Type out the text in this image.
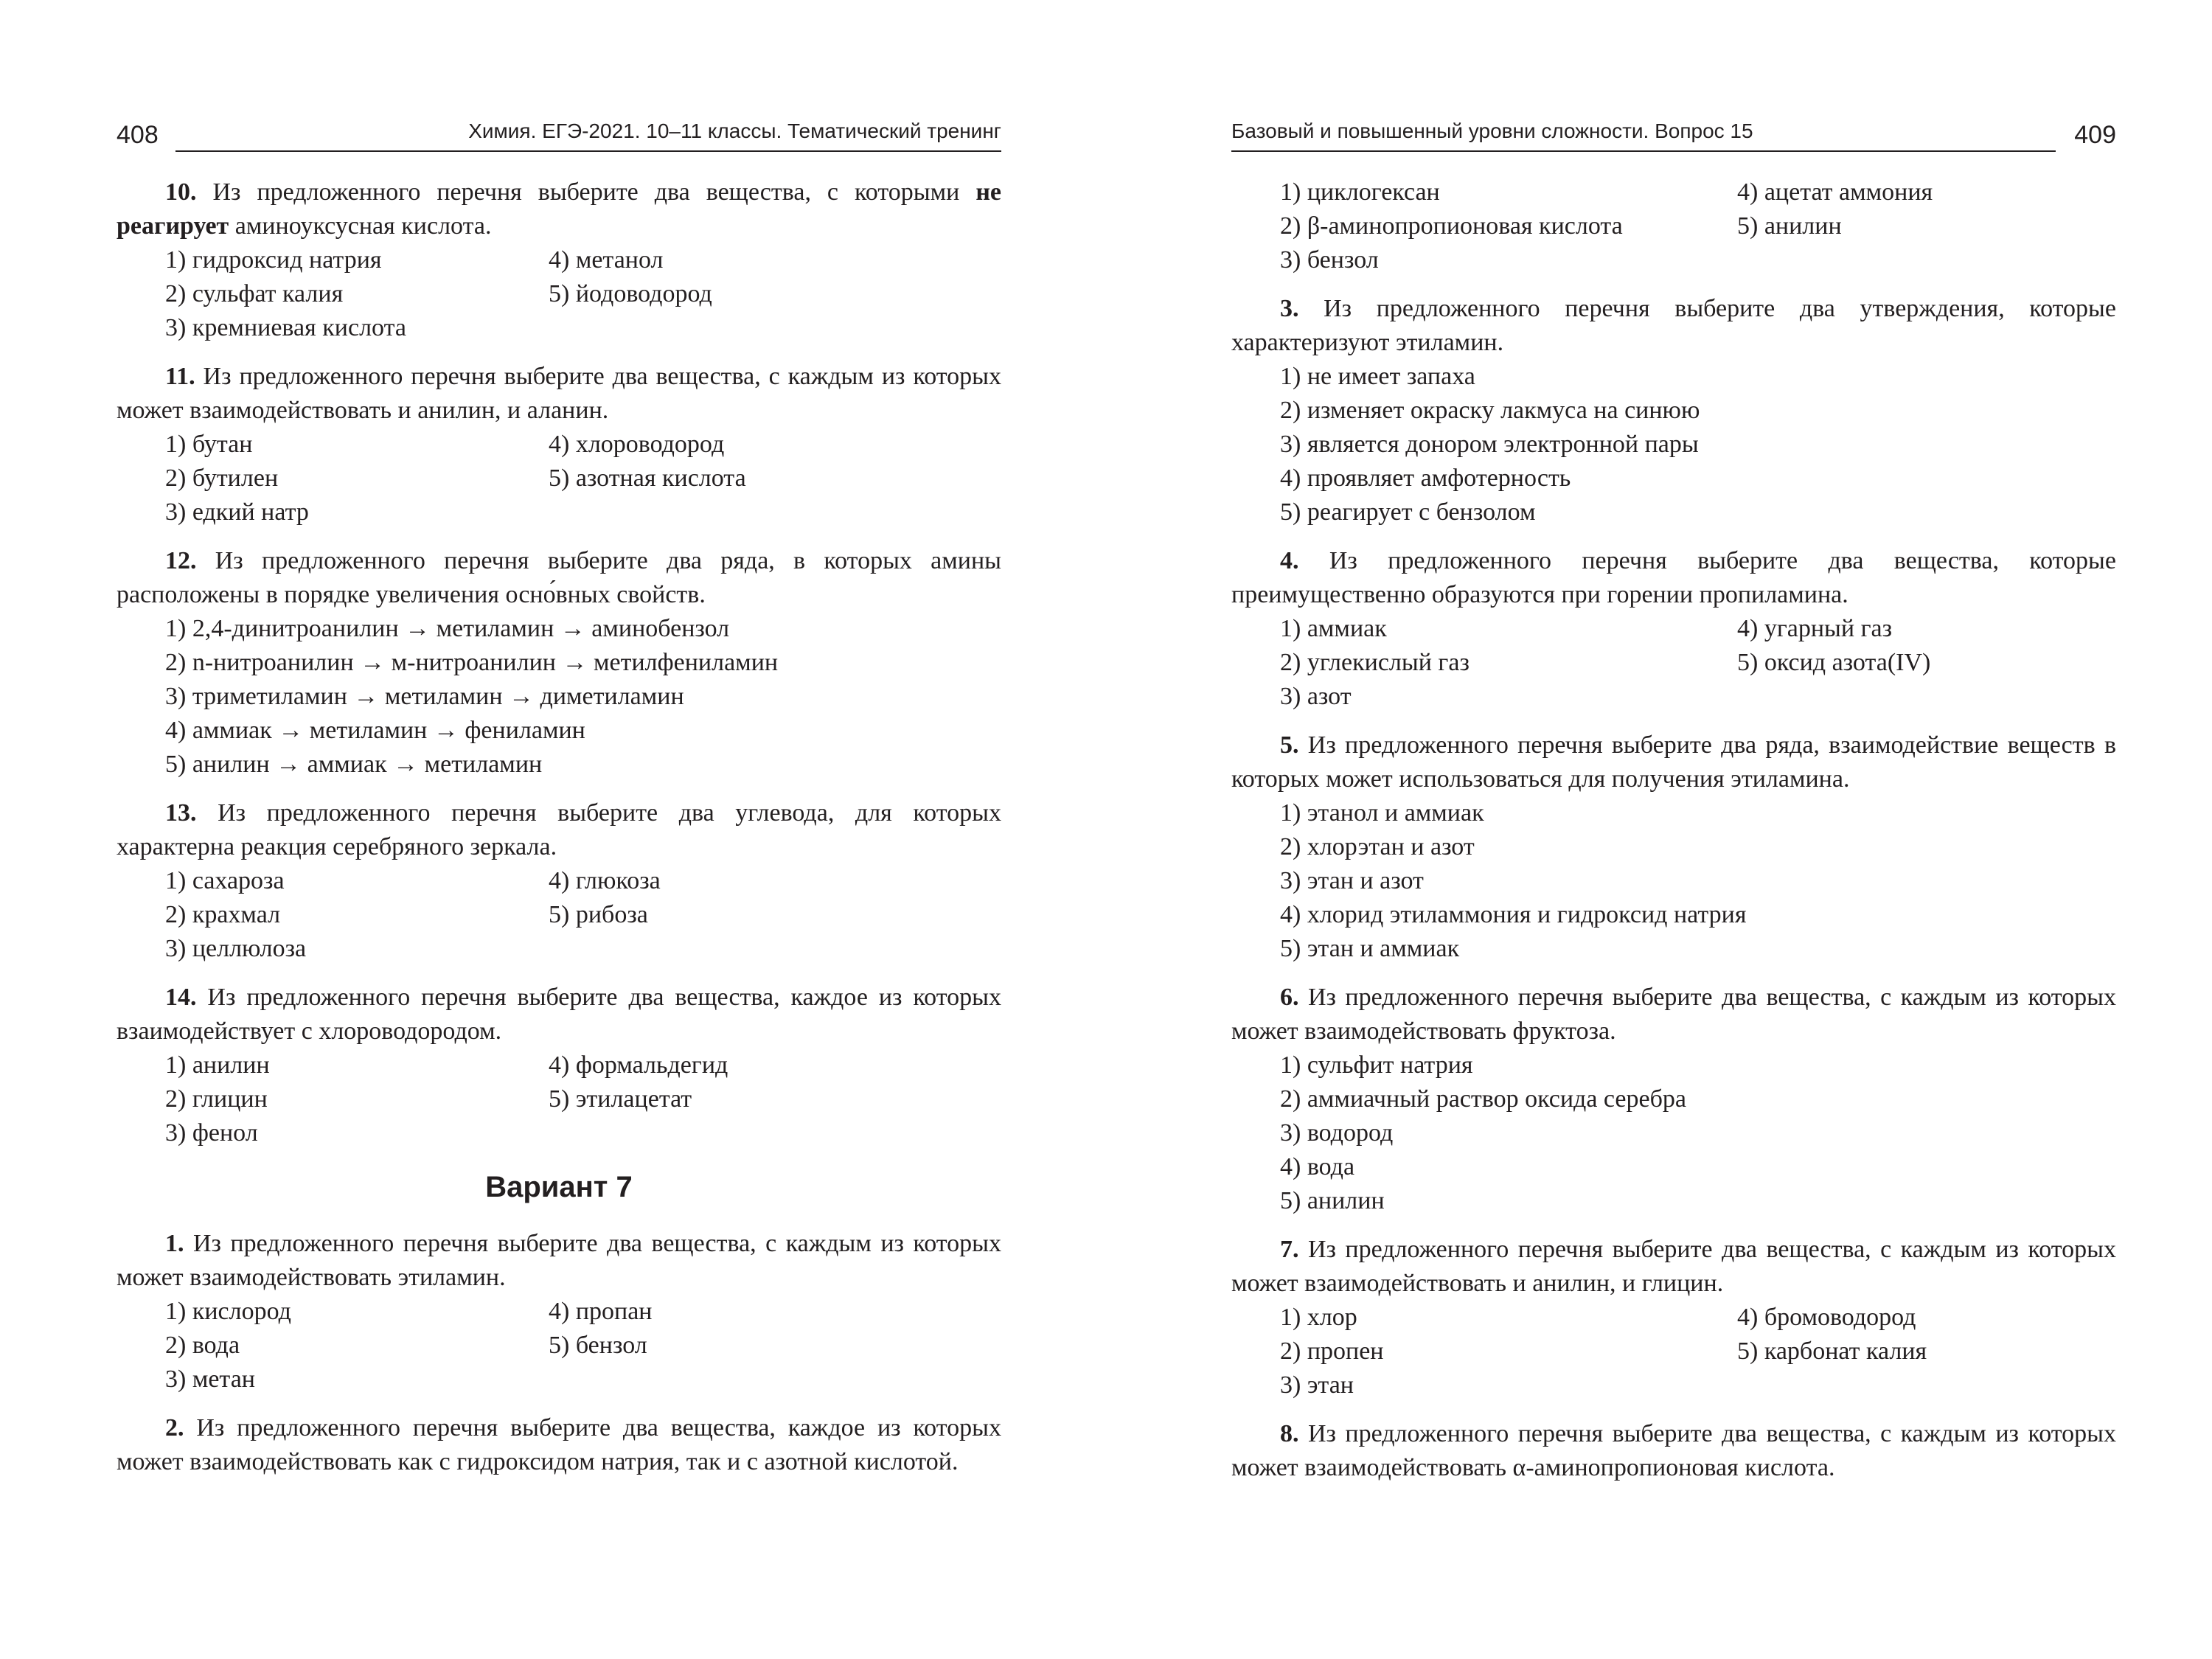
408	Химия. ЕГЭ-2021. 10–11 классы. Тематический тренинг

10. Из предложенного перечня выберите два вещества, с которыми не реагирует аминоуксусная кислота.

1) гидроксид натрия	4) метанол
2) сульфат калия	5) йодоводород
3) кремниевая кислота

11. Из предложенного перечня выберите два вещества, с каждым из которых может взаимодействовать и анилин, и аланин.

1) бутан	4) хлороводород
2) бутилен	5) азотная кислота
3) едкий натр

12. Из предложенного перечня выберите два ряда, в которых амины расположены в порядке увеличения осно́вных свойств.

1) 2,4-динитроанилин → метиламин → аминобензол
2) n-нитроанилин → м-нитроанилин → метилфениламин
3) триметиламин → метиламин → диметиламин
4) аммиак → метиламин → фениламин
5) анилин → аммиак → метиламин

13. Из предложенного перечня выберите два углевода, для которых характерна реакция серебряного зеркала.

1) сахароза	4) глюкоза
2) крахмал	5) рибоза
3) целлюлоза

14. Из предложенного перечня выберите два вещества, каждое из которых взаимодействует с хлороводородом.

1) анилин	4) формальдегид
2) глицин	5) этилацетат
3) фенол
Вариант 7

1. Из предложенного перечня выберите два вещества, с каждым из которых может взаимодействовать этиламин.

1) кислород	4) пропан
2) вода	5) бензол
3) метан

2. Из предложенного перечня выберите два вещества, каждое из которых может взаимодействовать как с гидроксидом натрия, так и с азотной кислотой.

Базовый и повышенный уровни сложности. Вопрос 15	409
1) циклогексан	4) ацетат аммония
2) β-аминопропионовая кислота	5) анилин
3) бензол

3. Из предложенного перечня выберите два утверждения, которые характеризуют этиламин.

1) не имеет запаха
2) изменяет окраску лакмуса на синюю
3) является донором электронной пары
4) проявляет амфотерность
5) реагирует с бензолом

4. Из предложенного перечня выберите два вещества, которые преимущественно образуются при горении пропиламина.

1) аммиак	4) угарный газ
2) углекислый газ	5) оксид азота(IV)
3) азот

5. Из предложенного перечня выберите два ряда, взаимодействие веществ в которых может использоваться для получения этиламина.

1) этанол и аммиак
2) хлорэтан и азот
3) этан и азот
4) хлорид этиламмония и гидроксид натрия
5) этан и аммиак

6. Из предложенного перечня выберите два вещества, с каждым из которых может взаимодействовать фруктоза.

1) сульфит натрия
2) аммиачный раствор оксида серебра
3) водород
4) вода
5) анилин

7. Из предложенного перечня выберите два вещества, с каждым из которых может взаимодействовать и анилин, и глицин.

1) хлор	4) бромоводород
2) пропен	5) карбонат калия
3) этан

8. Из предложенного перечня выберите два вещества, с каждым из которых может взаимодействовать α-аминопропионовая кислота.
